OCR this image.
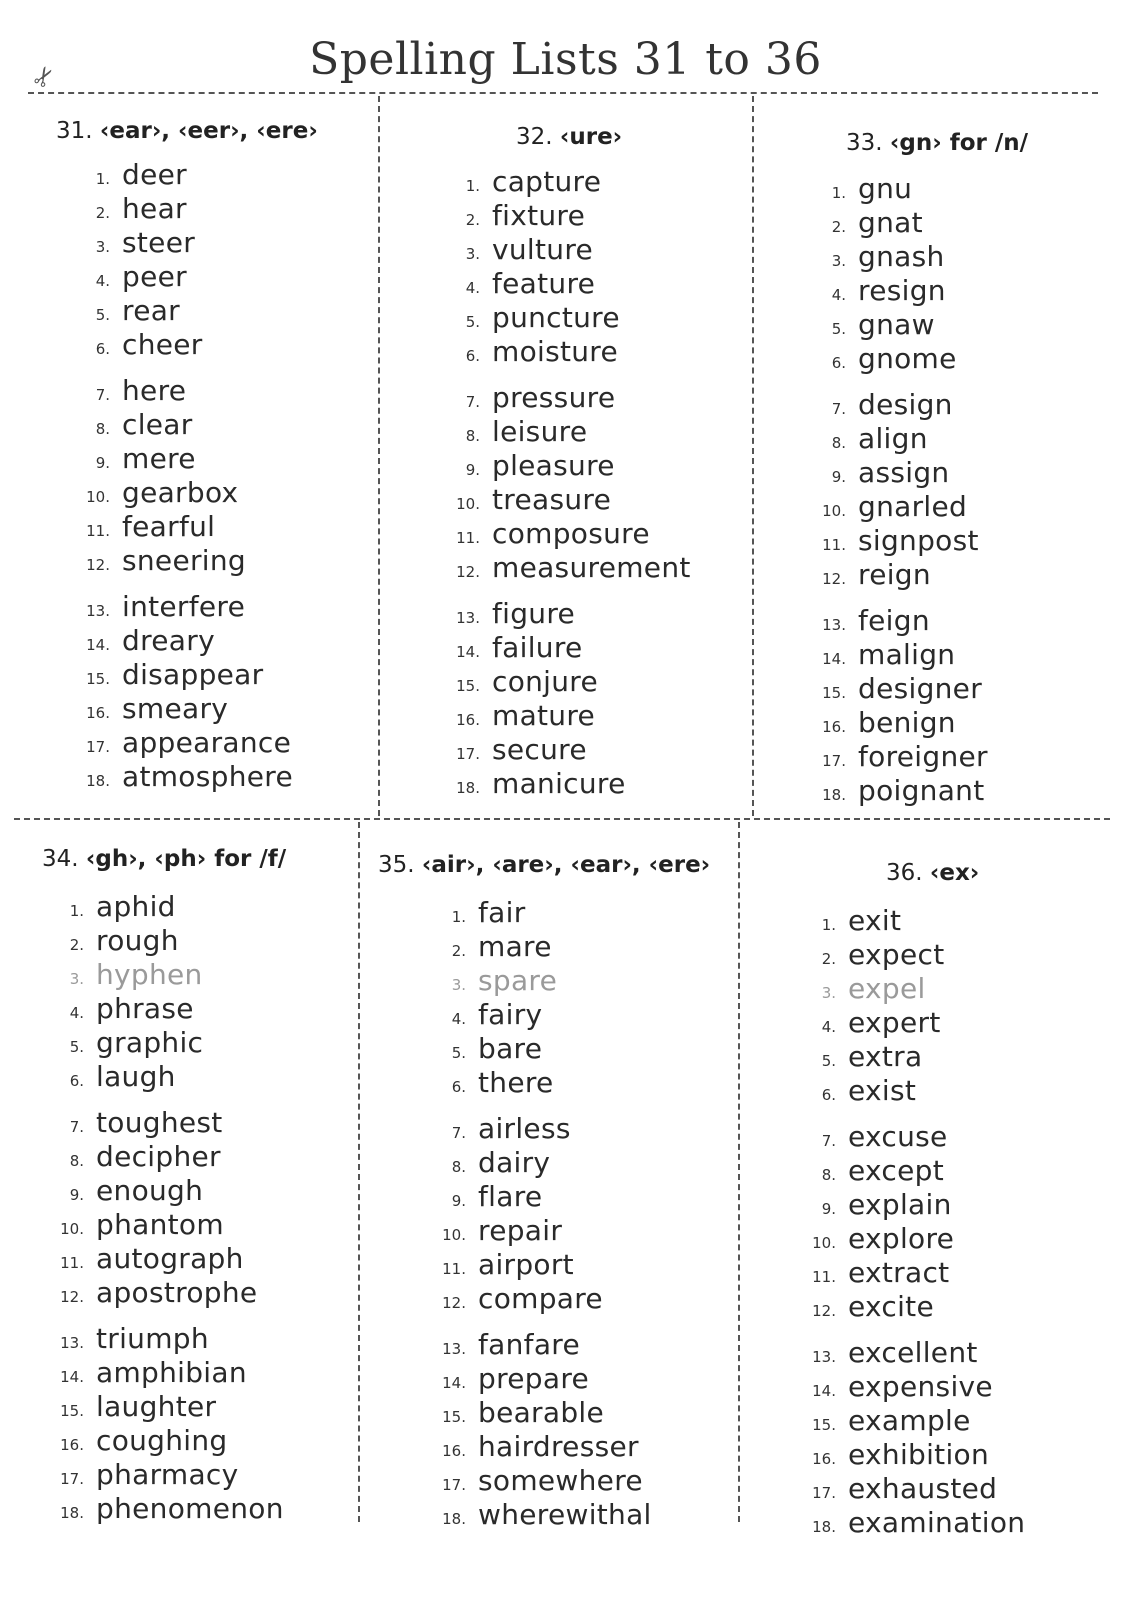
Spelling Lists 31 to 36
✂
31. ‹ear›, ‹eer›, ‹ere›
1. deer
2. hear
3. steer
4. peer
5. rear
6. cheer
7. here
8. clear
9. mere
10. gearbox
11. fearful
12. sneering
13. interfere
14. dreary
15. disappear
16. smeary
17. appearance
18. atmosphere
32. ‹ure›
1. capture
2. fixture
3. vulture
4. feature
5. puncture
6. moisture
7. pressure
8. leisure
9. pleasure
10. treasure
11. composure
12. measurement
13. figure
14. failure
15. conjure
16. mature
17. secure
18. manicure
33. ‹gn› for /n/
1. gnu
2. gnat
3. gnash
4. resign
5. gnaw
6. gnome
7. design
8. align
9. assign
10. gnarled
11. signpost
12. reign
13. feign
14. malign
15. designer
16. benign
17. foreigner
18. poignant
34. ‹gh›, ‹ph› for /f/
1. aphid
2. rough
3. hyphen
4. phrase
5. graphic
6. laugh
7. toughest
8. decipher
9. enough
10. phantom
11. autograph
12. apostrophe
13. triumph
14. amphibian
15. laughter
16. coughing
17. pharmacy
18. phenomenon
35. ‹air›, ‹are›, ‹ear›, ‹ere›
1. fair
2. mare
3. spare
4. fairy
5. bare
6. there
7. airless
8. dairy
9. flare
10. repair
11. airport
12. compare
13. fanfare
14. prepare
15. bearable
16. hairdresser
17. somewhere
18. wherewithal
36. ‹ex›
1. exit
2. expect
3. expel
4. expert
5. extra
6. exist
7. excuse
8. except
9. explain
10. explore
11. extract
12. excite
13. excellent
14. expensive
15. example
16. exhibition
17. exhausted
18. examination
